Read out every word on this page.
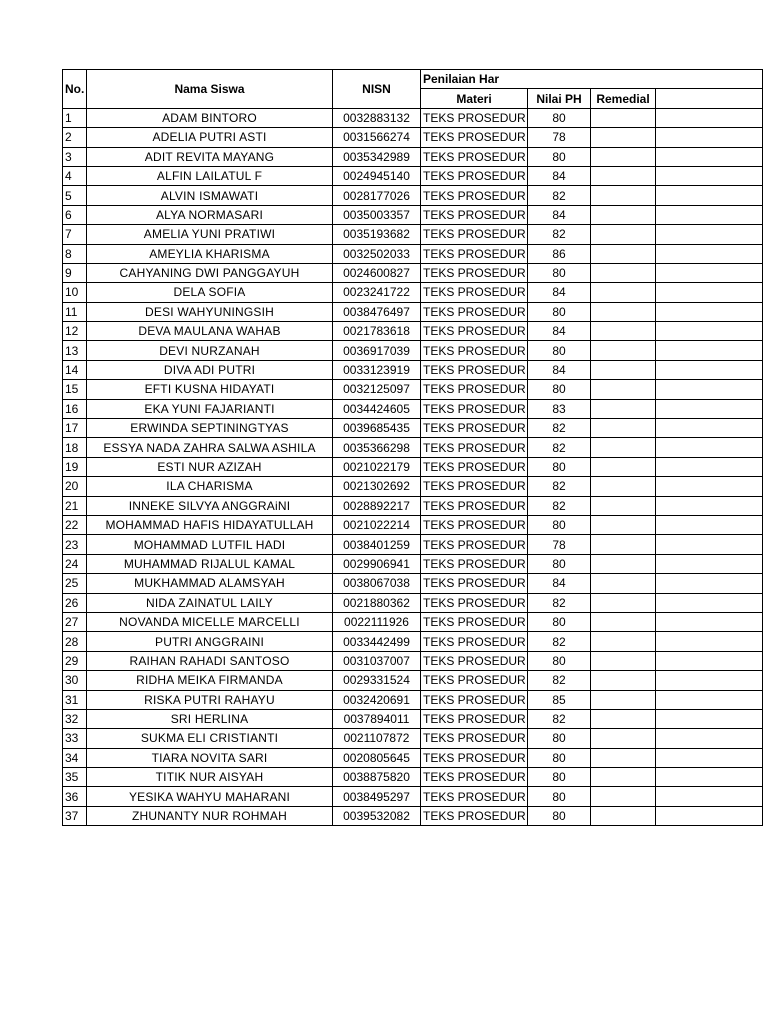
No.	Nama Siswa	NISN	Penilaian Har			
			Materi	Nilai PH	Remedial	
1	ADAM BINTORO	0032883132	TEKS PROSEDUR	80		
2	ADELIA PUTRI ASTI	0031566274	TEKS PROSEDUR	78		
3	ADIT REVITA MAYANG	0035342989	TEKS PROSEDUR	80		
4	ALFIN LAILATUL F	0024945140	TEKS PROSEDUR	84		
5	ALVIN ISMAWATI	0028177026	TEKS PROSEDUR	82		
6	ALYA NORMASARI	0035003357	TEKS PROSEDUR	84		
7	AMELIA YUNI PRATIWI	0035193682	TEKS PROSEDUR	82		
8	AMEYLIA KHARISMA	0032502033	TEKS PROSEDUR	86		
9	CAHYANING DWI PANGGAYUH	0024600827	TEKS PROSEDUR	80		
10	DELA SOFIA	0023241722	TEKS PROSEDUR	84		
11	DESI WAHYUNINGSIH	0038476497	TEKS PROSEDUR	80		
12	DEVA MAULANA WAHAB	0021783618	TEKS PROSEDUR	84		
13	DEVI NURZANAH	0036917039	TEKS PROSEDUR	80		
14	DIVA ADI PUTRI	0033123919	TEKS PROSEDUR	84		
15	EFTI KUSNA HIDAYATI	0032125097	TEKS PROSEDUR	80		
16	EKA YUNI FAJARIANTI	0034424605	TEKS PROSEDUR	83		
17	ERWINDA SEPTININGTYAS	0039685435	TEKS PROSEDUR	82		
18	ESSYA NADA ZAHRA SALWA ASHILA	0035366298	TEKS PROSEDUR	82		
19	ESTI NUR AZIZAH	0021022179	TEKS PROSEDUR	80		
20	ILA CHARISMA	0021302692	TEKS PROSEDUR	82		
21	INNEKE SILVYA ANGGRAiNI	0028892217	TEKS PROSEDUR	82		
22	MOHAMMAD HAFIS HIDAYATULLAH	0021022214	TEKS PROSEDUR	80		
23	MOHAMMAD LUTFIL HADI	0038401259	TEKS PROSEDUR	78		
24	MUHAMMAD RIJALUL KAMAL	0029906941	TEKS PROSEDUR	80		
25	MUKHAMMAD ALAMSYAH	0038067038	TEKS PROSEDUR	84		
26	NIDA ZAINATUL LAILY	0021880362	TEKS PROSEDUR	82		
27	NOVANDA MICELLE MARCELLI	0022111926	TEKS PROSEDUR	80		
28	PUTRI ANGGRAINI	0033442499	TEKS PROSEDUR	82		
29	RAIHAN RAHADI SANTOSO	0031037007	TEKS PROSEDUR	80		
30	RIDHA MEIKA FIRMANDA	0029331524	TEKS PROSEDUR	82		
31	RISKA PUTRI RAHAYU	0032420691	TEKS PROSEDUR	85		
32	SRI HERLINA	0037894011	TEKS PROSEDUR	82		
33	SUKMA ELI CRISTIANTI	0021107872	TEKS PROSEDUR	80		
34	TIARA NOVITA SARI	0020805645	TEKS PROSEDUR	80		
35	TITIK NUR AISYAH	0038875820	TEKS PROSEDUR	80		
36	YESIKA WAHYU MAHARANI	0038495297	TEKS PROSEDUR	80		
37	ZHUNANTY NUR ROHMAH	0039532082	TEKS PROSEDUR	80		
